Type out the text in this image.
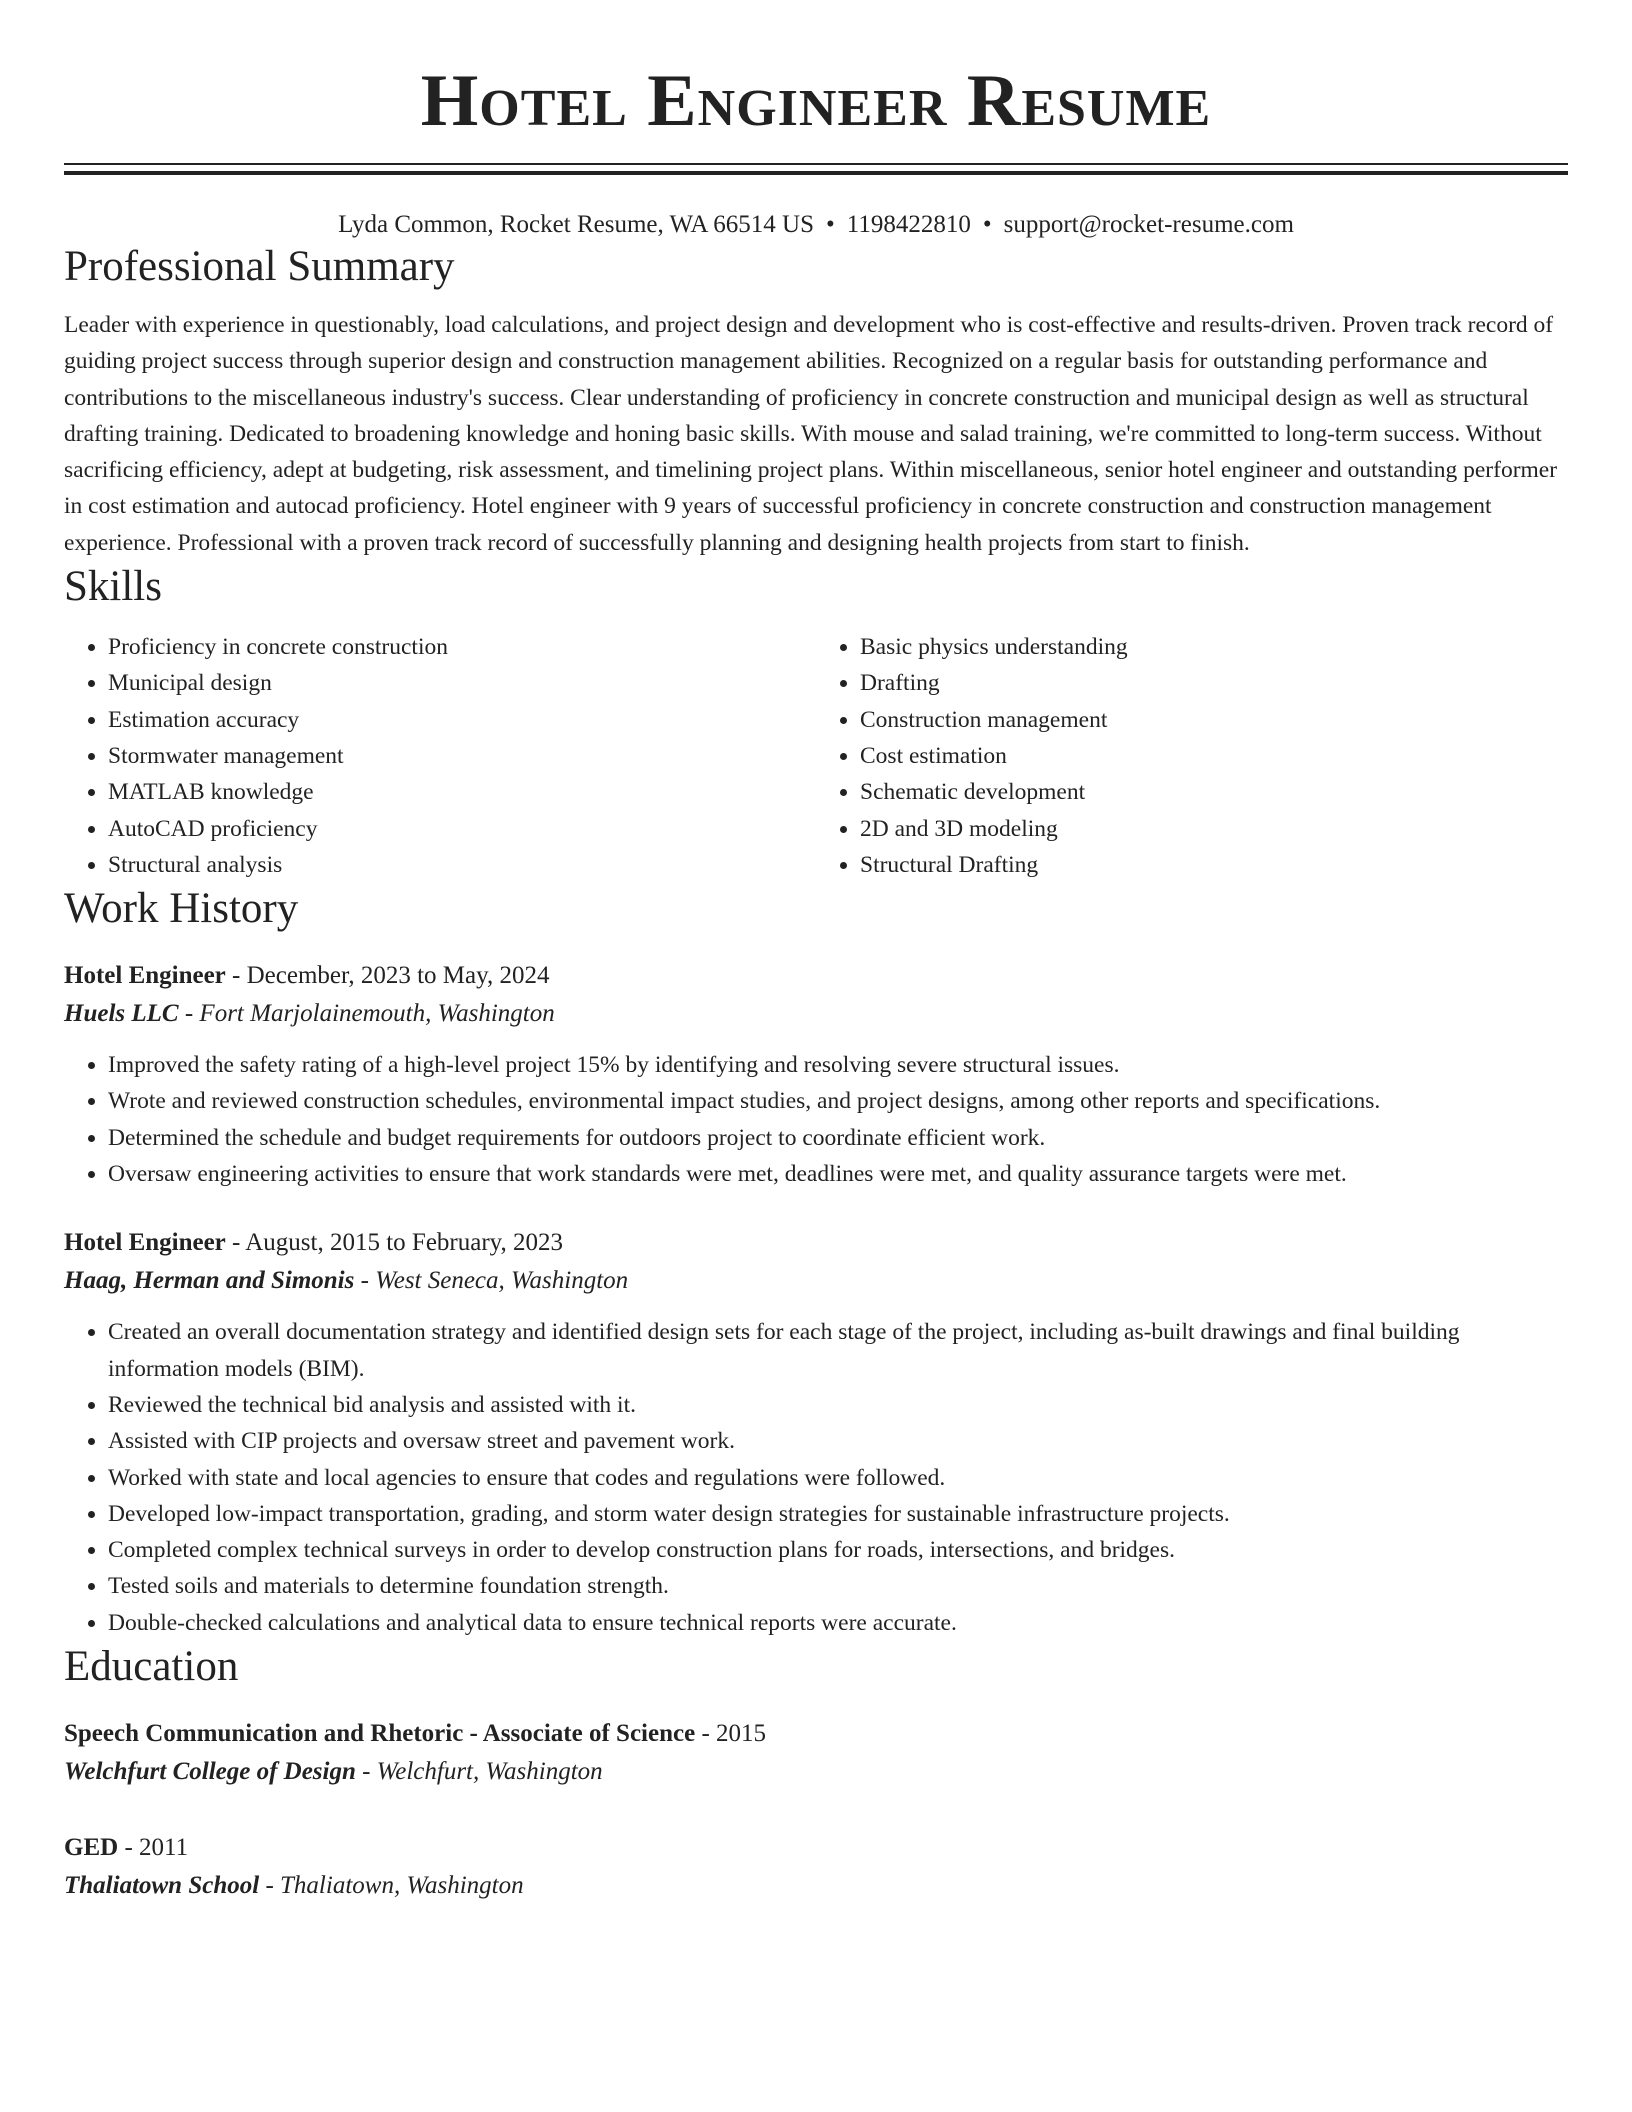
Hotel Engineer Resume
Lyda Common, Rocket Resume, WA 66514 US • 1198422810 • support@rocket-resume.com
Professional Summary
Leader with experience in questionably, load calculations, and project design and development who is cost-effective and results-driven. Proven track record of guiding project success through superior design and construction management abilities. Recognized on a regular basis for outstanding performance and contributions to the miscellaneous industry's success. Clear understanding of proficiency in concrete construction and municipal design as well as structural drafting training. Dedicated to broadening knowledge and honing basic skills. With mouse and salad training, we're committed to long-term success. Without sacrificing efficiency, adept at budgeting, risk assessment, and timelining project plans. Within miscellaneous, senior hotel engineer and outstanding performer in cost estimation and autocad proficiency. Hotel engineer with 9 years of successful proficiency in concrete construction and construction management experience. Professional with a proven track record of successfully planning and designing health projects from start to finish.
Skills
• Proficiency in concrete construction
• Municipal design
• Estimation accuracy
• Stormwater management
• MATLAB knowledge
• AutoCAD proficiency
• Structural analysis
• Basic physics understanding
• Drafting
• Construction management
• Cost estimation
• Schematic development
• 2D and 3D modeling
• Structural Drafting
Work History
Hotel Engineer - December, 2023 to May, 2024
Huels LLC - Fort Marjolainemouth, Washington
• Improved the safety rating of a high-level project 15% by identifying and resolving severe structural issues.
• Wrote and reviewed construction schedules, environmental impact studies, and project designs, among other reports and specifications.
• Determined the schedule and budget requirements for outdoors project to coordinate efficient work.
• Oversaw engineering activities to ensure that work standards were met, deadlines were met, and quality assurance targets were met.
Hotel Engineer - August, 2015 to February, 2023
Haag, Herman and Simonis - West Seneca, Washington
• Created an overall documentation strategy and identified design sets for each stage of the project, including as-built drawings and final building information models (BIM).
• Reviewed the technical bid analysis and assisted with it.
• Assisted with CIP projects and oversaw street and pavement work.
• Worked with state and local agencies to ensure that codes and regulations were followed.
• Developed low-impact transportation, grading, and storm water design strategies for sustainable infrastructure projects.
• Completed complex technical surveys in order to develop construction plans for roads, intersections, and bridges.
• Tested soils and materials to determine foundation strength.
• Double-checked calculations and analytical data to ensure technical reports were accurate.
Education
Speech Communication and Rhetoric - Associate of Science - 2015
Welchfurt College of Design - Welchfurt, Washington
GED - 2011
Thaliatown School - Thaliatown, Washington
